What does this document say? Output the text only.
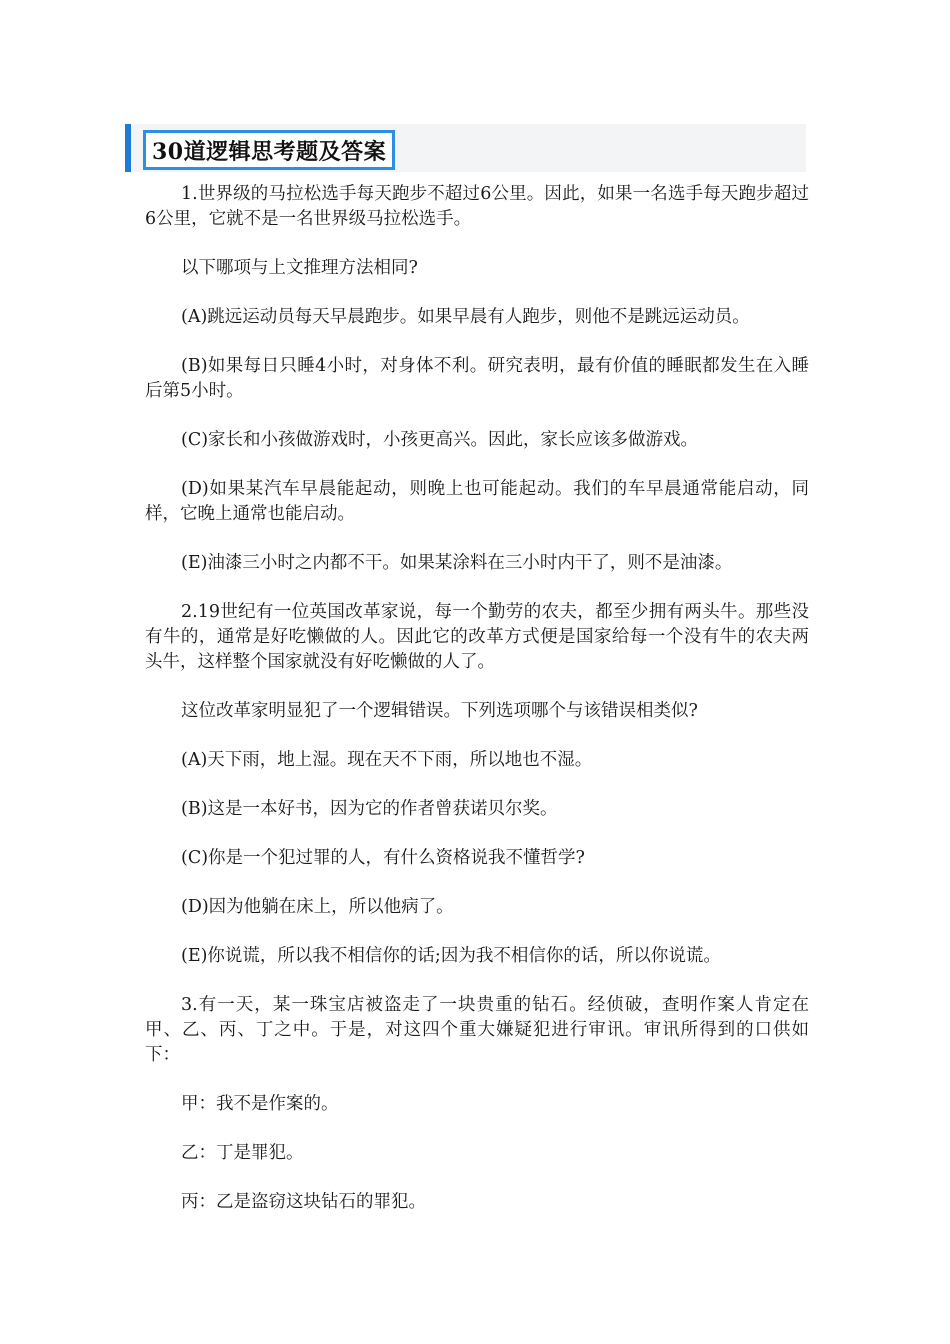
30道逻辑思考题及答案

1.世界级的马拉松选手每天跑步不超过6公里。因此，如果一名选手每天跑步超过6公里，它就不是一名世界级马拉松选手。

以下哪项与上文推理方法相同?

(A)跳远运动员每天早晨跑步。如果早晨有人跑步，则他不是跳远运动员。

(B)如果每日只睡4小时，对身体不利。研究表明，最有价值的睡眠都发生在入睡后第5小时。

(C)家长和小孩做游戏时，小孩更高兴。因此，家长应该多做游戏。

(D)如果某汽车早晨能起动，则晚上也可能起动。我们的车早晨通常能启动，同样，它晚上通常也能启动。

(E)油漆三小时之内都不干。如果某涂料在三小时内干了，则不是油漆。

2.19世纪有一位英国改革家说，每一个勤劳的农夫，都至少拥有两头牛。那些没有牛的，通常是好吃懒做的人。因此它的改革方式便是国家给每一个没有牛的农夫两头牛，这样整个国家就没有好吃懒做的人了。

这位改革家明显犯了一个逻辑错误。下列选项哪个与该错误相类似?

(A)天下雨，地上湿。现在天不下雨，所以地也不湿。

(B)这是一本好书，因为它的作者曾获诺贝尔奖。

(C)你是一个犯过罪的人，有什么资格说我不懂哲学?

(D)因为他躺在床上，所以他病了。

(E)你说谎，所以我不相信你的话;因为我不相信你的话，所以你说谎。

3.有一天，某一珠宝店被盗走了一块贵重的钻石。经侦破，查明作案人肯定在甲、乙、丙、丁之中。于是，对这四个重大嫌疑犯进行审讯。审讯所得到的口供如下：

甲：我不是作案的。

乙：丁是罪犯。

丙：乙是盗窃这块钻石的罪犯。
